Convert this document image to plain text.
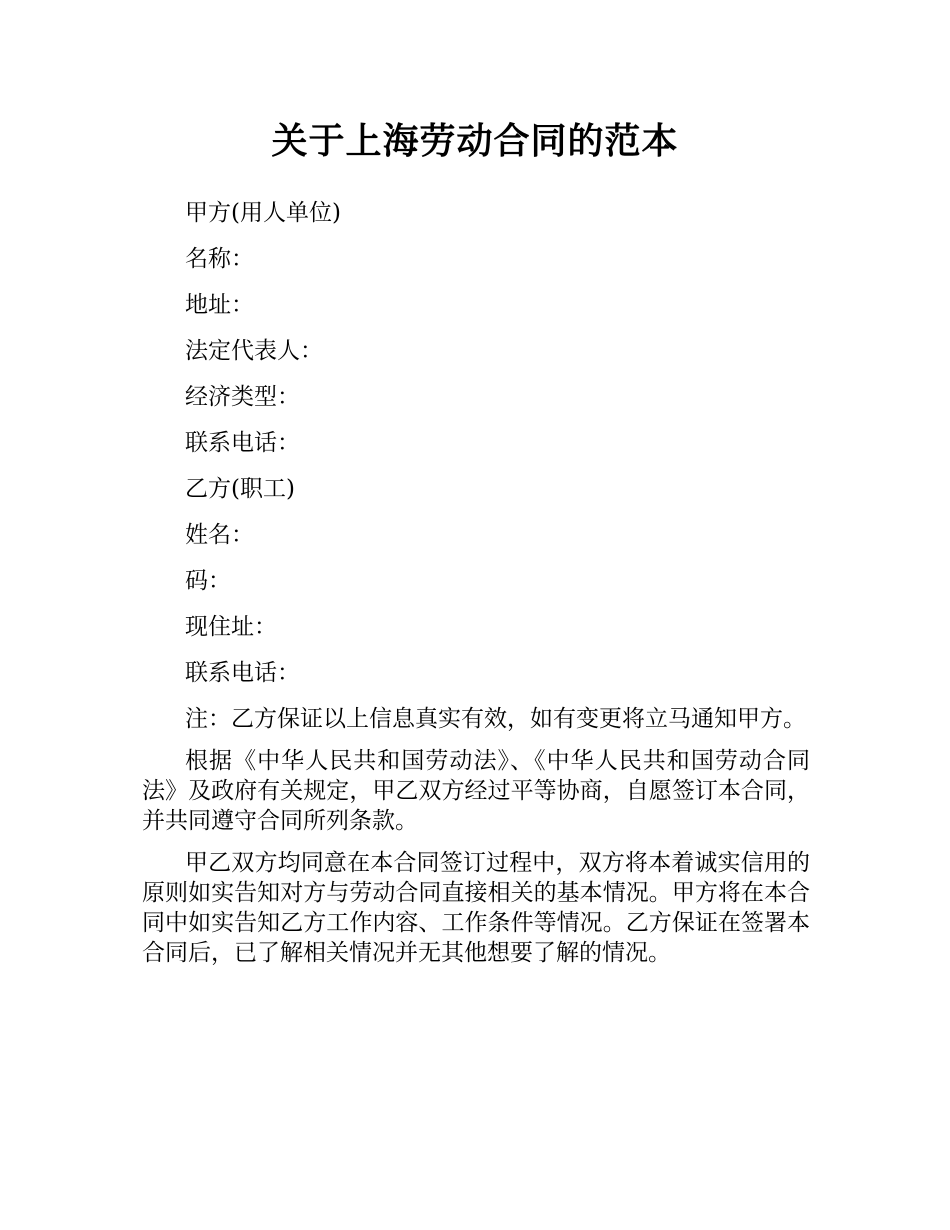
关于上海劳动合同的范本

甲方(用人单位)

名称：

地址：

法定代表人：

经济类型：

联系电话：

乙方(职工)

姓名：

码：

现住址：

联系电话：

注：乙方保证以上信息真实有效，如有变更将立马通知甲方。

根据《中华人民共和国劳动法》、《中华人民共和国劳动合同法》及政府有关规定，甲乙双方经过平等协商，自愿签订本合同，并共同遵守合同所列条款。

甲乙双方均同意在本合同签订过程中，双方将本着诚实信用的原则如实告知对方与劳动合同直接相关的基本情况。甲方将在本合同中如实告知乙方工作内容、工作条件等情况。乙方保证在签署本合同后，已了解相关情况并无其他想要了解的情况。
